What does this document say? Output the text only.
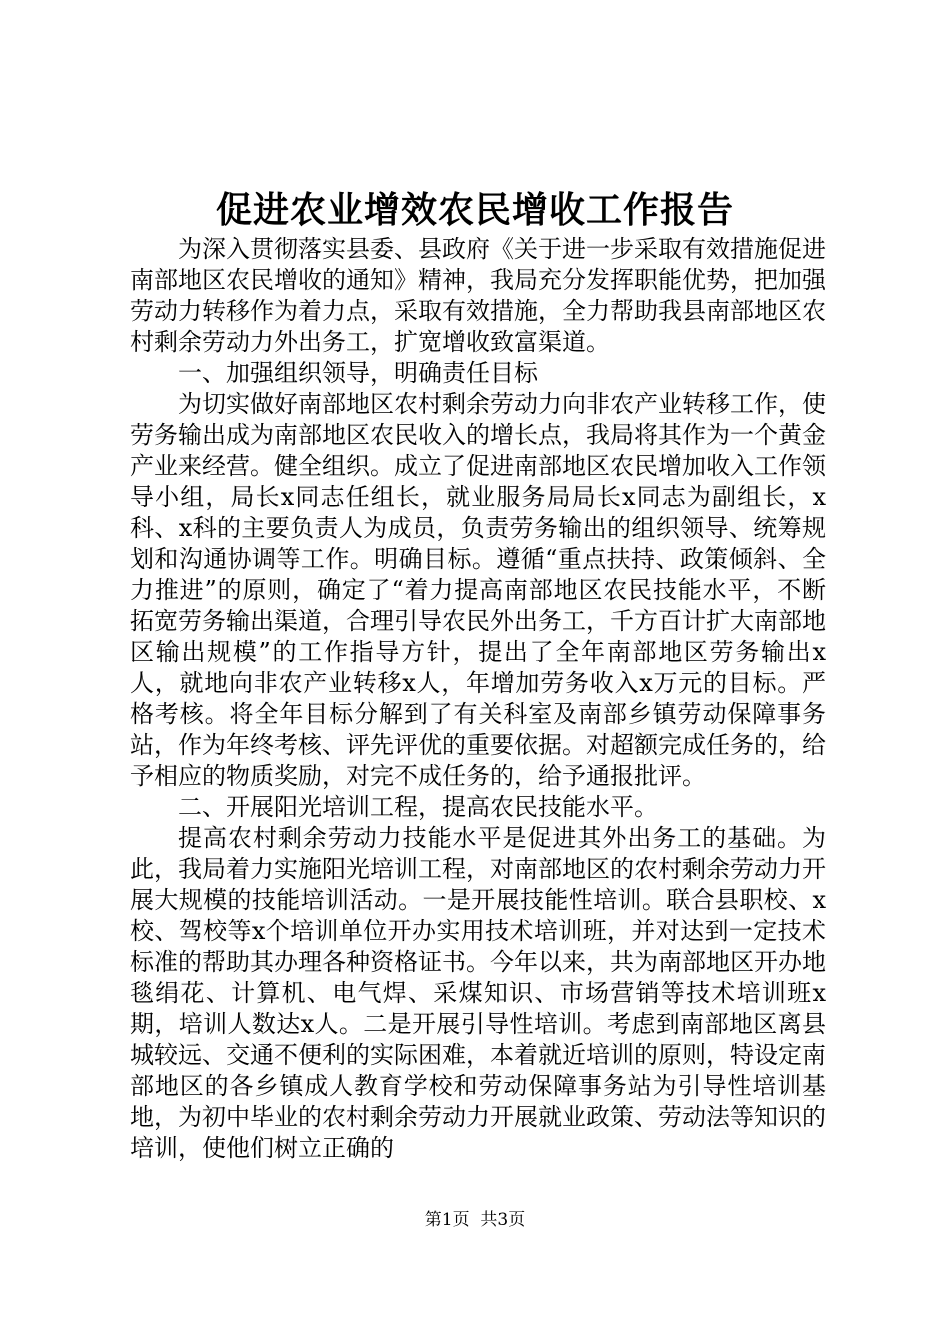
促进农业增效农民增收工作报告

为深入贯彻落实县委、县政府《关于进一步采取有效措施促进南部地区农民增收的通知》精神，我局充分发挥职能优势，把加强劳动力转移作为着力点，采取有效措施，全力帮助我县南部地区农村剩余劳动力外出务工，扩宽增收致富渠道。

一、加强组织领导，明确责任目标

为切实做好南部地区农村剩余劳动力向非农产业转移工作，使劳务输出成为南部地区农民收入的增长点，我局将其作为一个黄金产业来经营。健全组织。成立了促进南部地区农民增加收入工作领导小组，局长x同志任组长，就业服务局局长x同志为副组长，x科、x科的主要负责人为成员，负责劳务输出的组织领导、统筹规划和沟通协调等工作。明确目标。遵循“重点扶持、政策倾斜、全力推进”的原则，确定了“着力提高南部地区农民技能水平，不断拓宽劳务输出渠道，合理引导农民外出务工，千方百计扩大南部地区输出规模”的工作指导方针，提出了全年南部地区劳务输出x人，就地向非农产业转移x人，年增加劳务收入x万元的目标。严格考核。将全年目标分解到了有关科室及南部乡镇劳动保障事务站，作为年终考核、评先评优的重要依据。对超额完成任务的，给予相应的物质奖励，对完不成任务的，给予通报批评。

二、开展阳光培训工程，提高农民技能水平。

提高农村剩余劳动力技能水平是促进其外出务工的基础。为此，我局着力实施阳光培训工程，对南部地区的农村剩余劳动力开展大规模的技能培训活动。一是开展技能性培训。联合县职校、x校、驾校等x个培训单位开办实用技术培训班，并对达到一定技术标准的帮助其办理各种资格证书。今年以来，共为南部地区开办地毯绢花、计算机、电气焊、采煤知识、市场营销等技术培训班x期，培训人数达x人。二是开展引导性培训。考虑到南部地区离县城较远、交通不便利的实际困难，本着就近培训的原则，特设定南部地区的各乡镇成人教育学校和劳动保障事务站为引导性培训基地，为初中毕业的农村剩余劳动力开展就业政策、劳动法等知识的培训，使他们树立正确的

第1页  共3页
